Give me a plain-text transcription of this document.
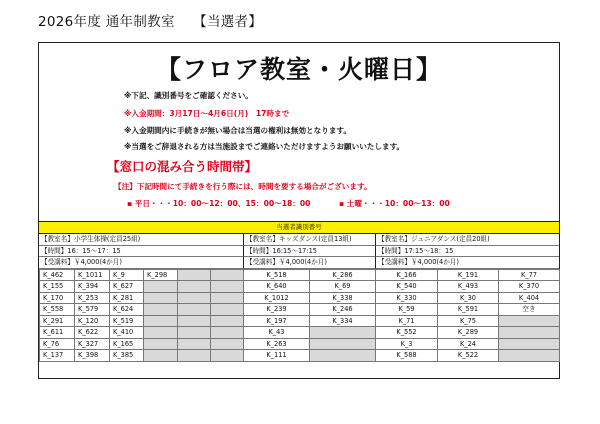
2026年度 通年制教室　 【当選者】
【フロア教室・火曜日】
※下記、識別番号をご確認ください。
※入金期間：3月17日～4月6日(月)　17時まで
※入金期間内に手続きが無い場合は当選の権利は無効となります。
※当選をご辞退される方は当施設までご連絡いただけますようお願いいたします。
【窓口の混み合う時間帯】
【注】下記時間にて手続きを行う際には、時間を要する場合がございます。
▪ 平日・・・10：00～12：00、15：00～18：00	▪ 土曜・・・10：00～13：00
当選者識別番号
【教室名】小学生体操(定員25組)
【時間】16：15～17：15
【受講料】￥4,000(4か月)
K_462	K_1011	K_9	K_298		
K_155	K_394	K_627			
K_170	K_253	K_281			
K_558	K_579	K_624			
K_291	K_120	K_519			
K_611	K_622	K_410			
K_76	K_327	K_165			
K_137	K_398	K_385			
【教室名】キッズダンス(定員13組)
【時間】16:15～17:15
【受講料】￥4,000(4か月)
K_518	K_286
K_640	K_69
K_1012	K_338
K_239	K_246
K_197	K_334
K_43	
K_263	
K_111	
【教室名】ジュニアダンス(定員20組)
【時間】17:15～18：15
【受講料】￥4,000(4か月)
K_166	K_191	K_77
K_540	K_493	K_370
K_330	K_30	K_404
K_59	K_591	空き
K_71	K_75	
K_552	K_289	
K_3	K_24	
K_588	K_522	
